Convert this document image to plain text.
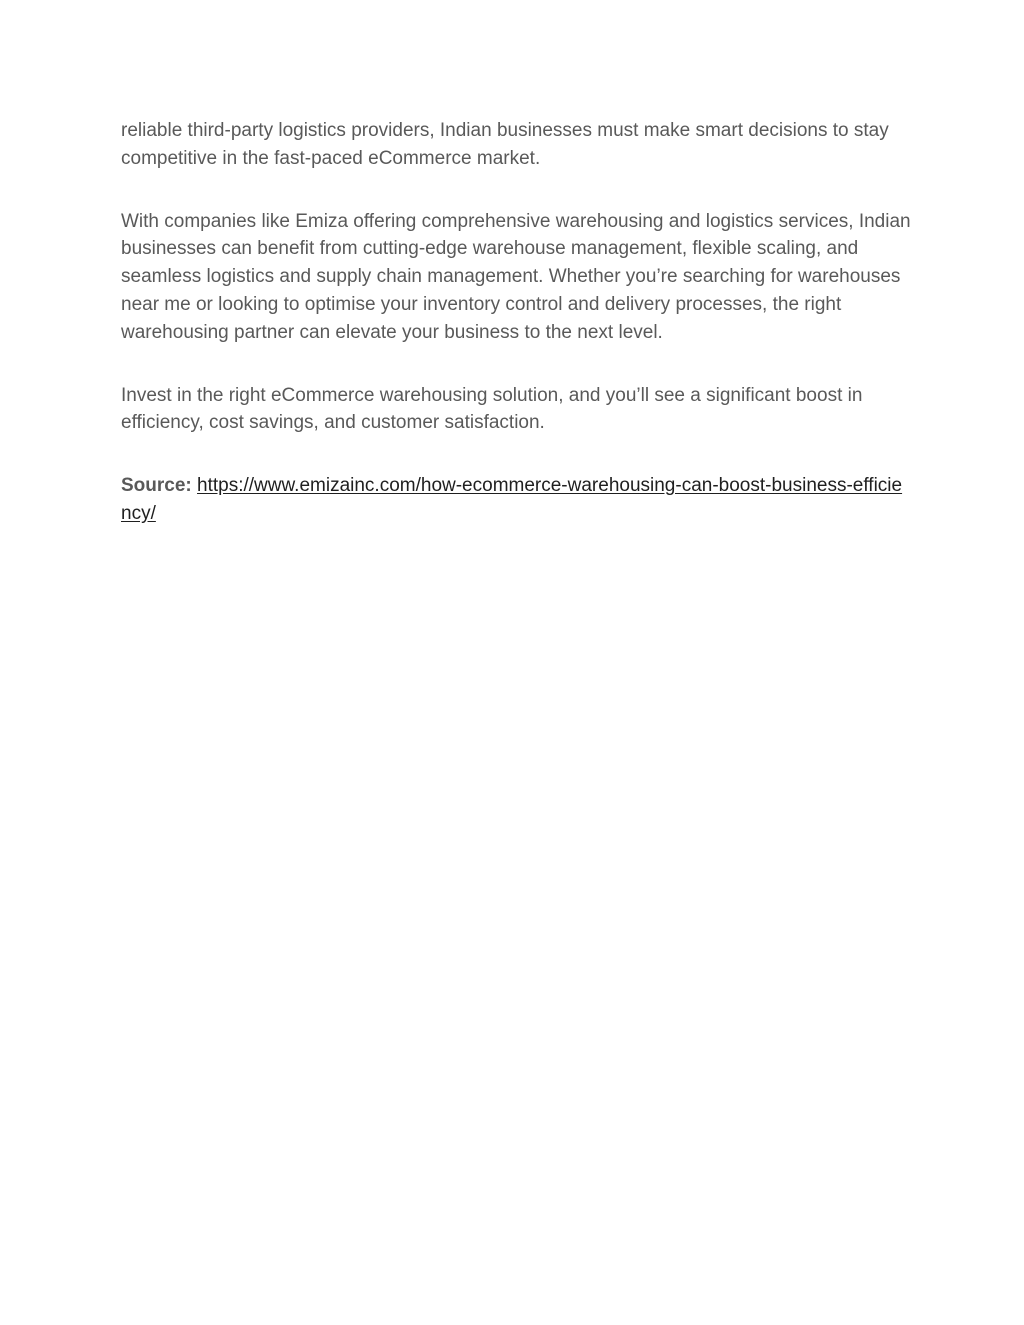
reliable third-party logistics providers, Indian businesses must make smart decisions to stay competitive in the fast-paced eCommerce market.

With companies like Emiza offering comprehensive warehousing and logistics services, Indian businesses can benefit from cutting-edge warehouse management, flexible scaling, and seamless logistics and supply chain management. Whether you’re searching for warehouses near me or looking to optimise your inventory control and delivery processes, the right warehousing partner can elevate your business to the next level.

Invest in the right eCommerce warehousing solution, and you’ll see a significant boost in efficiency, cost savings, and customer satisfaction.

Source: https://www.emizainc.com/how-ecommerce-warehousing-can-boost-business-efficiency/
